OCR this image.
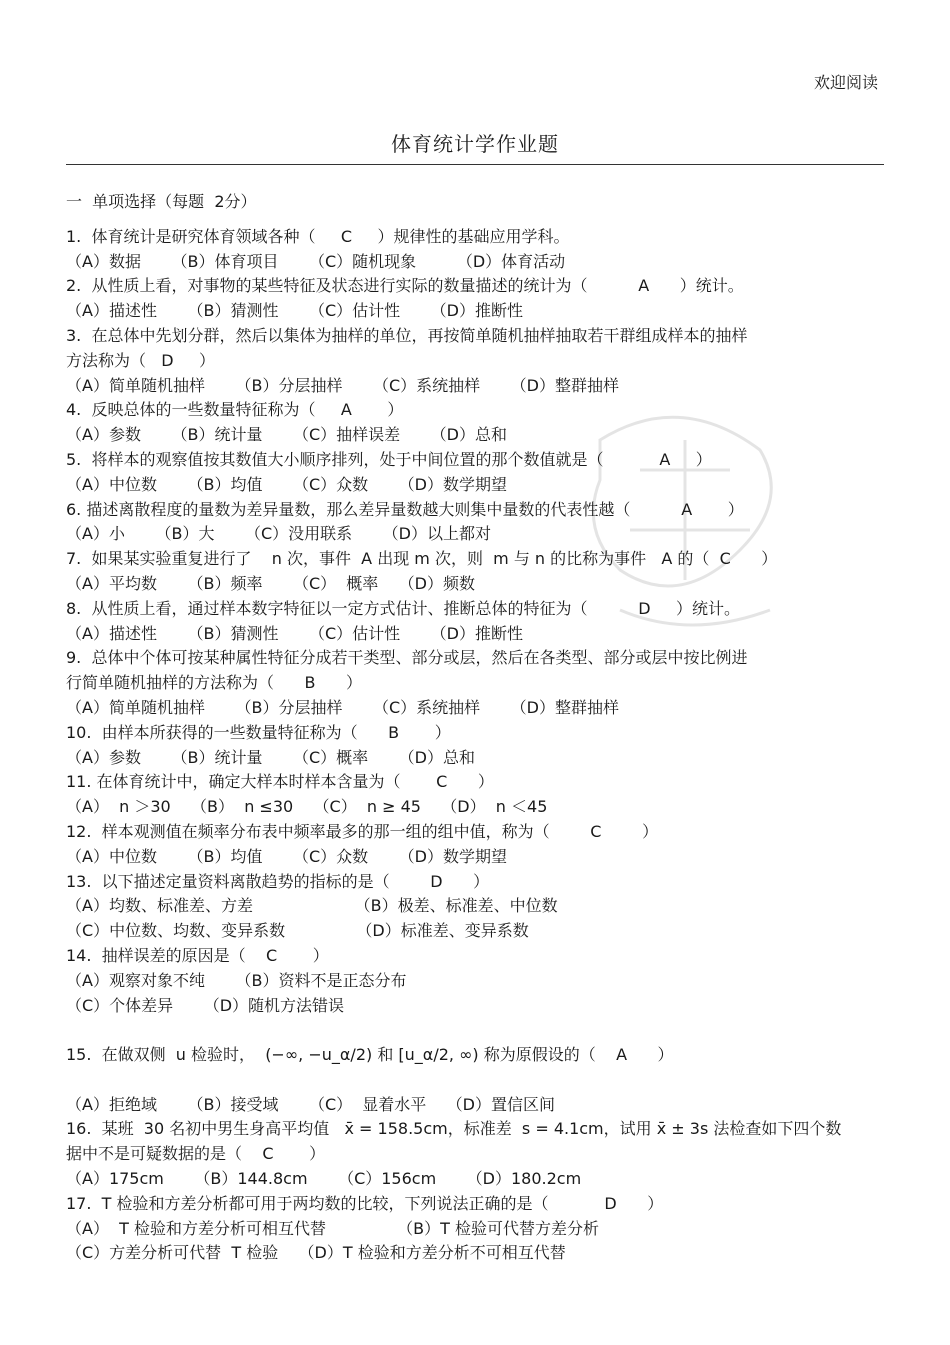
欢迎阅读
体育统计学作业题
一  单项选择（每题  2分）
1.  体育统计是研究体育领域各种（     C     ）规律性的基础应用学科。
（A）数据      （B）体育项目      （C）随机现象        （D）体育活动
2.  从性质上看，对事物的某些特征及状态进行实际的数量描述的统计为（          A      ）统计。
（A）描述性      （B）猜测性      （C）估计性      （D）推断性
3.  在总体中先划分群，然后以集体为抽样的单位，再按简单随机抽样抽取若干群组成样本的抽样
方法称为（   D     ）
（A）简单随机抽样      （B）分层抽样      （C）系统抽样      （D）整群抽样
4.  反映总体的一些数量特征称为（     A       ）
（A）参数      （B）统计量      （C）抽样误差      （D）总和
5.  将样本的观察值按其数值大小顺序排列，处于中间位置的那个数值就是（           A     ）
（A）中位数      （B）均值      （C）众数      （D）数学期望
6. 描述离散程度的量数为差异量数，那么差异量数越大则集中量数的代表性越（          A       ）
（A）小      （B）大      （C）没用联系      （D）以上都对
7.  如果某实验重复进行了    n 次，事件  A 出现 m 次，则  m 与 n 的比称为事件   A 的（  C      ）
（A）平均数      （B）频率      （C）  概率    （D）频数
8.  从性质上看，通过样本数字特征以一定方式估计、推断总体的特征为（          D     ）统计。
（A）描述性      （B）猜测性      （C）估计性      （D）推断性
9.  总体中个体可按某种属性特征分成若干类型、部分或层，然后在各类型、部分或层中按比例进
行简单随机抽样的方法称为（      B      ）
（A）简单随机抽样      （B）分层抽样      （C）系统抽样      （D）整群抽样
10.  由样本所获得的一些数量特征称为（      B       ）
（A）参数      （B）统计量      （C）概率      （D）总和
11. 在体育统计中，确定大样本时样本含量为（       C      ）
（A）  n ＞30    （B）  n ≤30    （C）  n ≥ 45    （D）  n ＜45
12.  样本观测值在频率分布表中频率最多的那一组的组中值，称为（        C        ）
（A）中位数      （B）均值      （C）众数      （D）数学期望
13.  以下描述定量资料离散趋势的指标的是（        D      ）
（A）均数、标准差、方差                    （B）极差、标准差、中位数
（C）中位数、均数、变异系数              （D）标准差、变异系数
14.  抽样误差的原因是（    C       ）
（A）观察对象不纯      （B）资料不是正态分布
（C）个体差异      （D）随机方法错误
15.  在做双侧  u 检验时，  (−∞, −u_α/2) 和 [u_α/2, ∞) 称为原假设的（    A      ）
（A）拒绝域      （B）接受域      （C）  显着水平    （D）置信区间
16.  某班  30 名初中男生身高平均值   x̄ = 158.5cm，标准差  s = 4.1cm，试用 x̄ ± 3s 法检查如下四个数
据中不是可疑数据的是（    C       ）
（A）175cm      （B）144.8cm      （C）156cm      （D）180.2cm
17.  T 检验和方差分析都可用于两均数的比较，下列说法正确的是（           D      ）
（A）  T 检验和方差分析可相互代替              （B）T 检验可代替方差分析
（C）方差分析可代替  T 检验    （D）T 检验和方差分析不可相互代替
